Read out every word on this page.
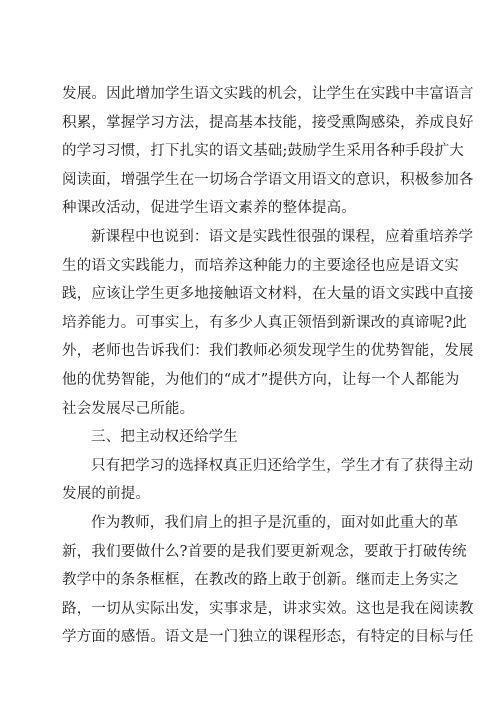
发展。因此增加学生语文实践的机会，让学生在实践中丰富语言
积累，掌握学习方法，提高基本技能，接受熏陶感染，养成良好
的学习习惯，打下扎实的语文基础;鼓励学生采用各种手段扩大
阅读面，增强学生在一切场合学语文用语文的意识，积极参加各
种课改活动，促进学生语文素养的整体提高。
新课程中也说到：语文是实践性很强的课程，应着重培养学
生的语文实践能力，而培养这种能力的主要途径也应是语文实
践，应该让学生更多地接触语文材料，在大量的语文实践中直接
培养能力。可事实上，有多少人真正领悟到新课改的真谛呢?此
外，老师也告诉我们：我们教师必须发现学生的优势智能，发展
他的优势智能，为他们的“成才”提供方向，让每一个人都能为
社会发展尽己所能。
三、把主动权还给学生
只有把学习的选择权真正归还给学生，学生才有了获得主动
发展的前提。
作为教师，我们肩上的担子是沉重的，面对如此重大的革
新，我们要做什么?首要的是我们要更新观念，要敢于打破传统
教学中的条条框框，在教改的路上敢于创新。继而走上务实之
路，一切从实际出发，实事求是，讲求实效。这也是我在阅读教
学方面的感悟。语文是一门独立的课程形态，有特定的目标与任
